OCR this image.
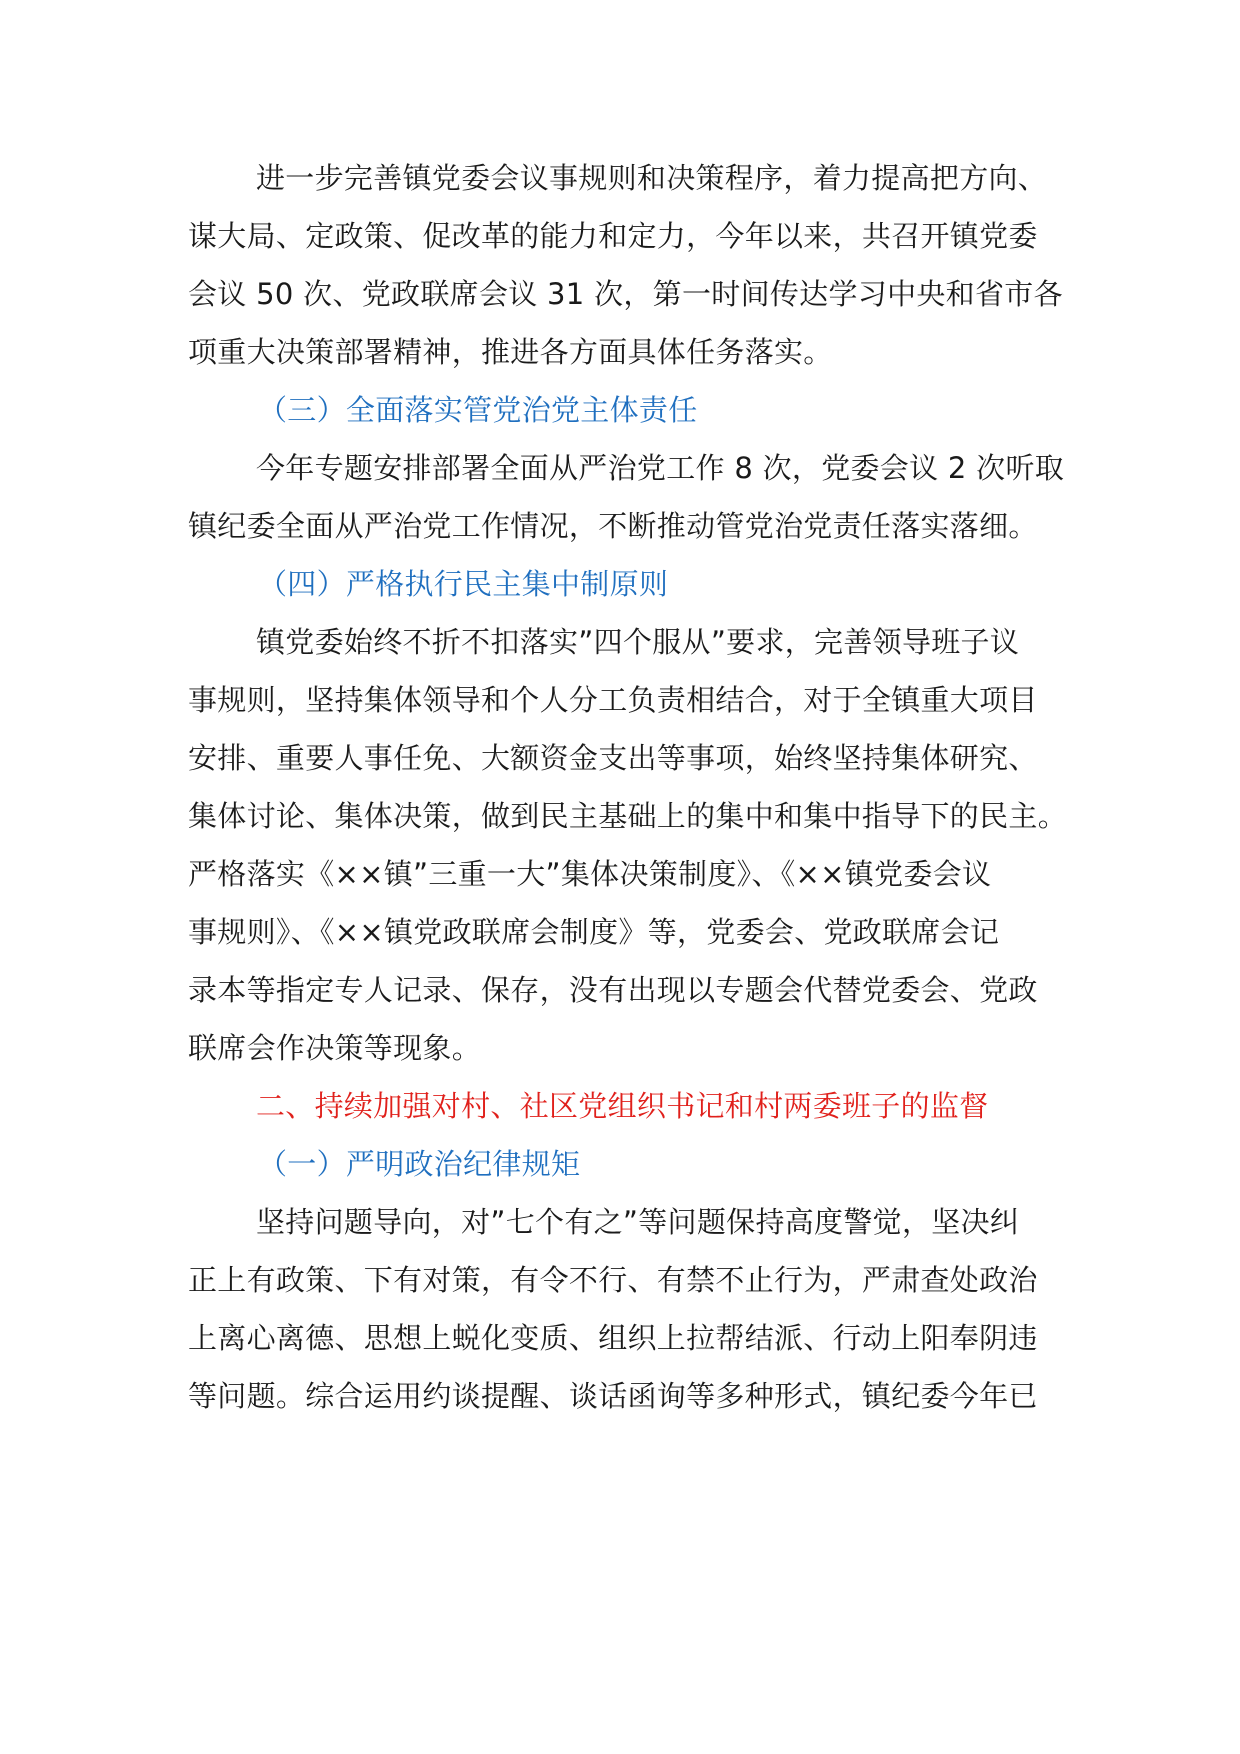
进一步完善镇党委会议事规则和决策程序，着力提高把方向、
谋大局、定政策、促改革的能力和定力，今年以来，共召开镇党委
会议 50 次、党政联席会议 31 次，第一时间传达学习中央和省市各
项重大决策部署精神，推进各方面具体任务落实。
（三）全面落实管党治党主体责任
今年专题安排部署全面从严治党工作 8 次，党委会议 2 次听取
镇纪委全面从严治党工作情况，不断推动管党治党责任落实落细。
（四）严格执行民主集中制原则
镇党委始终不折不扣落实”四个服从”要求，完善领导班子议
事规则，坚持集体领导和个人分工负责相结合，对于全镇重大项目
安排、重要人事任免、大额资金支出等事项，始终坚持集体研究、
集体讨论、集体决策，做到民主基础上的集中和集中指导下的民主。
严格落实《××镇”三重一大”集体决策制度》、《××镇党委会议
事规则》、《××镇党政联席会制度》等，党委会、党政联席会记
录本等指定专人记录、保存，没有出现以专题会代替党委会、党政
联席会作决策等现象。
二、持续加强对村、社区党组织书记和村两委班子的监督
（一）严明政治纪律规矩
坚持问题导向，对”七个有之”等问题保持高度警觉，坚决纠
正上有政策、下有对策，有令不行、有禁不止行为，严肃查处政治
上离心离德、思想上蜕化变质、组织上拉帮结派、行动上阳奉阴违
等问题。综合运用约谈提醒、谈话函询等多种形式，镇纪委今年已
